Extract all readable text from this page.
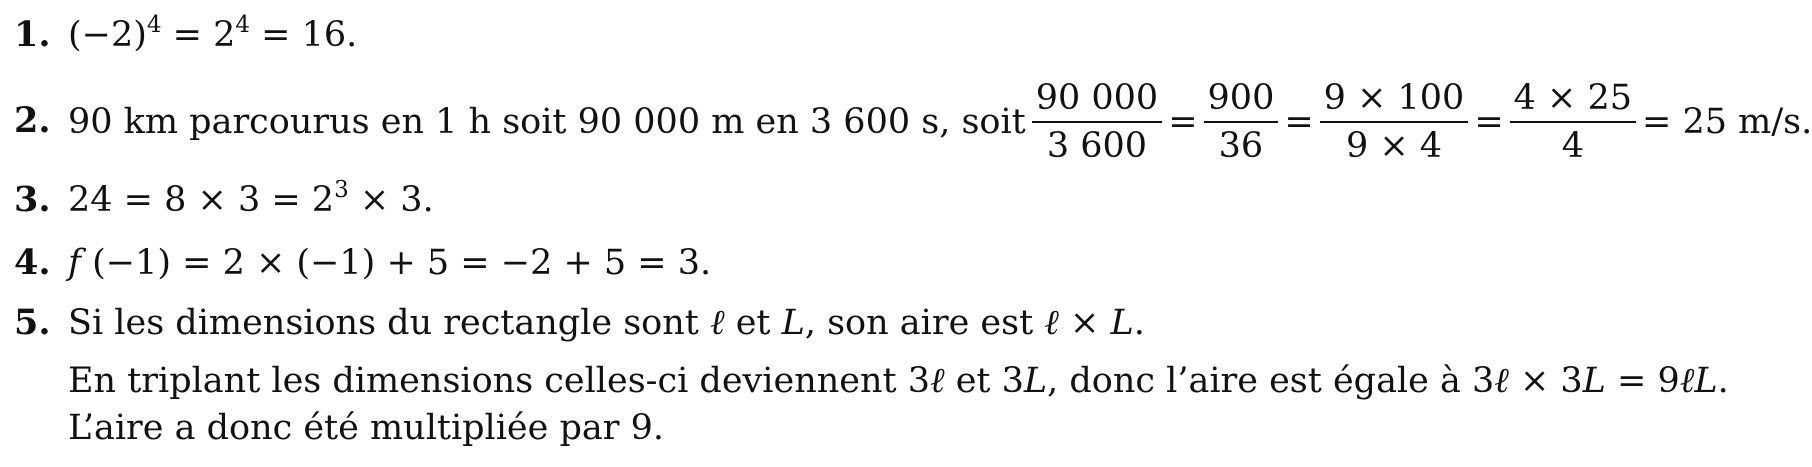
1. $(-2)^4 = 2^4 = 16$.
2. 90 km parcourus en 1 h soit 90 000 m en 3 600 s, soit $\frac{90 000}{3 600} = \frac{900}{36} = \frac{9 \times 100}{9 \times 4} = \frac{4 \times 25}{4} = 25$ m/s.
3. $24 = 8 \times 3 = 2^3 \times 3$.
4. f (−1) = 2 × (−1) + 5 = −2 + 5 = 3.
5. Si les dimensions du rectangle sont ℓ et L, son aire est ℓ × L.
En triplant les dimensions celles-ci deviennent 3ℓ et 3L, donc l’aire est égale à 3ℓ × 3L = 9ℓL.
L’aire a donc été multipliée par 9.
